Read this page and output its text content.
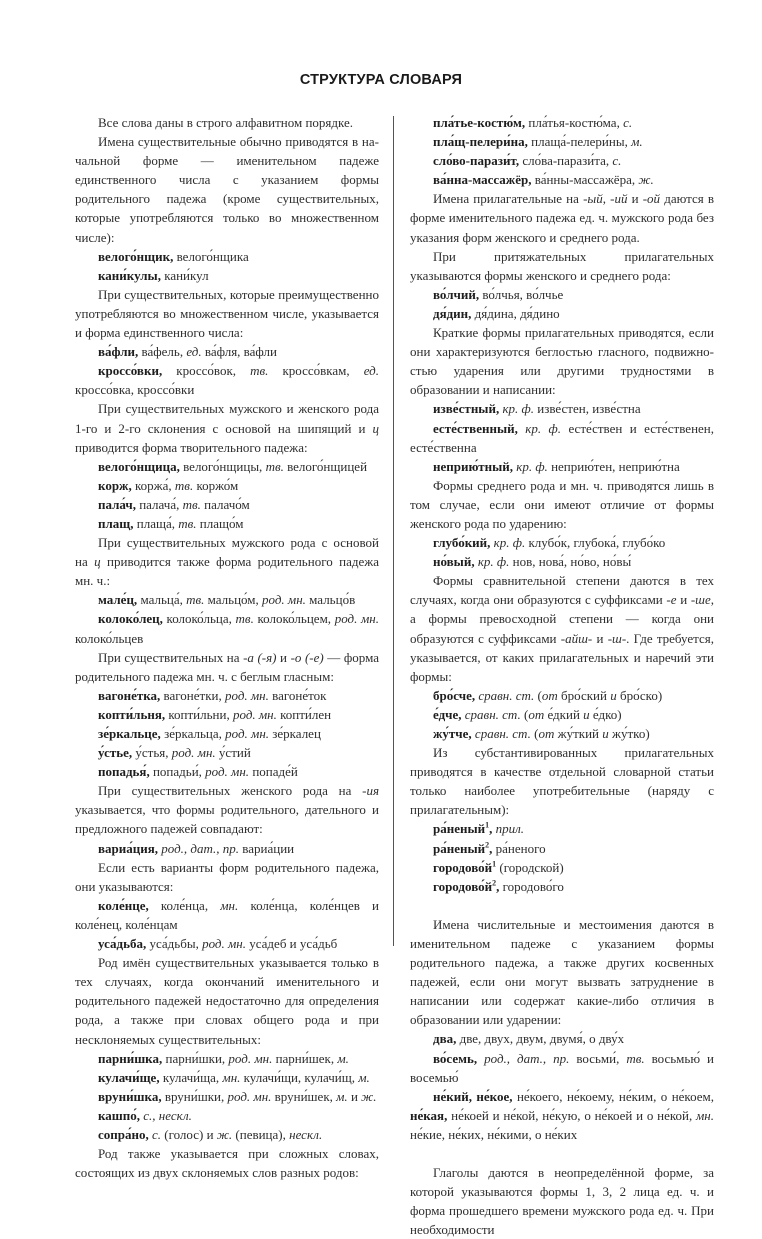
СТРУКТУРА СЛОВАРЯ

Все слова даны в строго алфавитном порядке.

Имена существительные обычно приводятся в начальной форме — именительном падеже единственного числа с указанием формы родительного падежа (кроме существительных, которые употребляются только во множественном числе):

велого́нщик, велого́нщика

кани́кулы, кани́кул

При существительных, которые преимущественно употребляются во множественном числе, указывается и форма единственного числа:

ва́фли, ва́фель, ед. ва́фля, ва́фли

кроссо́вки, кроссо́вок, тв. кроссо́вкам, ед. кроссо́вка, кроссо́вки

При существительных мужского и женского рода 1-го и 2-го склонения с основой на шипящий и ц приводится форма творительного падежа:

велого́нщица, велого́нщицы, тв. велого́нщицей

корж, коржа́, тв. коржо́м

пала́ч, палача́, тв. палачо́м

плащ, плаща́, тв. плащо́м

При существительных мужского рода с основой на ц приводится также форма родительного падежа мн. ч.:

мале́ц, мальца́, тв. мальцо́м, род. мн. мальцо́в

колоко́лец, колоко́льца, тв. колоко́льцем, род. мн. колоко́льцев

При существительных на -а (-я) и -о (-е) — форма родительного падежа мн. ч. с беглым гласным:

вагоне́тка, вагоне́тки, род. мн. вагоне́ток

копти́льня, копти́льни, род. мн. копти́лен

зе́ркальце, зе́ркальца, род. мн. зе́ркалец

у́стье, у́стья, род. мн. у́стий

попадья́, попадьи́, род. мн. попаде́й

При существительных женского рода на -ия указывается, что формы родительного, дательного и предложного падежей совпадают:

вариа́ция, род., дат., пр. вариа́ции

Если есть варианты форм родительного падежа, они указываются:

коле́нце, коле́нца, мн. коле́нца, коле́нцев и коле́нец, коле́нцам

уса́дьба, уса́дьбы, род. мн. уса́деб и уса́дьб

Род имён существительных указывается только в тех случаях, когда окончаний именительного и родительного падежей недостаточно для определения рода, а также при словах общего рода и при несклоняемых существительных:

парни́шка, парни́шки, род. мн. парни́шек, м.

кулачи́ще, кулачи́ща, мн. кулачи́щи, кулачи́щ, м.

вруни́шка, вруни́шки, род. мн. вруни́шек, м. и ж.

кашпо́, с., нескл.

сопра́но, с. (голос) и ж. (певица), нескл.

Род также указывается при сложных словах, состоящих из двух склоняемых слов разных родов:

пла́тье-костю́м, пла́тья-костю́ма, с.

пла́щ-пелери́на, плаща́-пелери́ны, м.

сло́во-парази́т, сло́ва-парази́та, с.

ва́нна-массажёр, ва́нны-массажёра, ж.

Имена прилагательные на -ый, -ий и -ой даются в форме именительного падежа ед. ч. мужского рода без указания форм женского и среднего рода.

При притяжательных прилагательных указываются формы женского и среднего рода:

во́лчий, во́лчья, во́лчье

дя́дин, дя́дина, дя́дино

Краткие формы прилагательных приводятся, если они характеризуются беглостью гласного, подвижностью ударения или другими трудностями в образовании и написании:

изве́стный, кр. ф. изве́стен, изве́стна

есте́ственный, кр. ф. есте́ствен и есте́ственен, есте́ственна

неприю́тный, кр. ф. неприю́тен, неприю́тна

Формы среднего рода и мн. ч. приводятся лишь в том случае, если они имеют отличие от формы женского рода по ударению:

глубо́кий, кр. ф. клубо́к, глубока́, глубо́ко

но́вый, кр. ф. нов, нова́, но́во, но́вы́

Формы сравнительной степени даются в тех случаях, когда они образуются с суффиксами -е и -ше, а формы превосходной степени — когда они образуются с суффиксами -айш- и -ш-. Где требуется, указывается, от каких прилагательных и наречий эти формы:

бро́сче, сравн. ст. (от бро́ский и бро́ско)

е́дче, сравн. ст. (от е́дкий и е́дко)

жу́тче, сравн. ст. (от жу́ткий и жу́тко)

Из субстантивированных прилагательных приводятся в качестве отдельной словарной статьи только наиболее употребительные (наряду с прилагательным):

ра́неный$^1$, прил.

ра́неный$^2$, ра́неного

$городово́й^1$ (городской)

$городово́й^2$, городово́го

Имена числительные и местоимения даются в именительном падеже с указанием формы родительного падежа, а также других косвенных падежей, если они могут вызвать затруднение в написании или содержат какие-либо отличия в образовании или ударении:

два, две, двух, двум, двумя́, о дву́х

во́семь, род., дат., пр. восьми́, тв. восьмью́ и восемью́

не́кий, не́кое, не́коего, не́коему, не́ким, о не́коем, не́кая, не́коей и не́кой, не́кую, о не́коей и о не́кой, мн. не́кие, не́ких, не́кими, о не́ких

Глаголы даются в неопределённой форме, за которой указываются формы 1, 3, 2 лица ед. ч. и форма прошедшего времени мужского рода ед. ч. При необходимости
